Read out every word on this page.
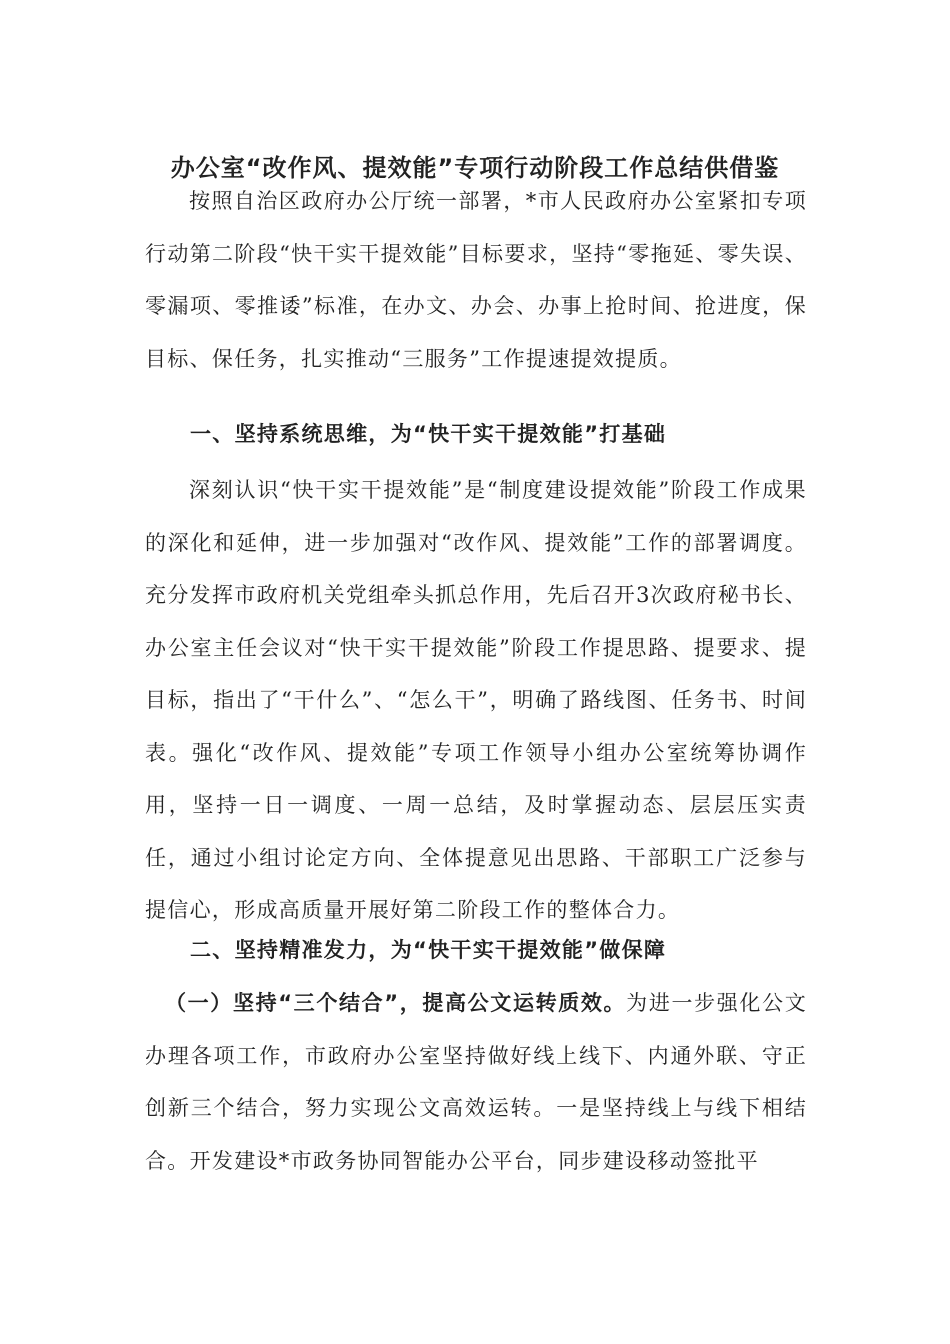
办公室“改作风、提效能”专项行动阶段工作总结供借鉴

按照自治区政府办公厅统一部署，*市人民政府办公室紧扣专项行动第二阶段“快干实干提效能”目标要求，坚持“零拖延、零失误、零漏项、零推诿”标准，在办文、办会、办事上抢时间、抢进度，保目标、保任务，扎实推动“三服务”工作提速提效提质。

一、坚持系统思维，为“快干实干提效能”打基础

深刻认识“快干实干提效能”是“制度建设提效能”阶段工作成果的深化和延伸，进一步加强对“改作风、提效能”工作的部署调度。充分发挥市政府机关党组牵头抓总作用，先后召开3次政府秘书长、办公室主任会议对“快干实干提效能”阶段工作提思路、提要求、提目标，指出了“干什么”、“怎么干”，明确了路线图、任务书、时间表。强化“改作风、提效能”专项工作领导小组办公室统筹协调作用，坚持一日一调度、一周一总结，及时掌握动态、层层压实责任，通过小组讨论定方向、全体提意见出思路、干部职工广泛参与提信心，形成高质量开展好第二阶段工作的整体合力。

二、坚持精准发力，为“快干实干提效能”做保障

（一）坚持“三个结合”，提高公文运转质效。为进一步强化公文办理各项工作，市政府办公室坚持做好线上线下、内通外联、守正创新三个结合，努力实现公文高效运转。一是坚持线上与线下相结合。开发建设*市政务协同智能办公平台，同步建设移动签批平
